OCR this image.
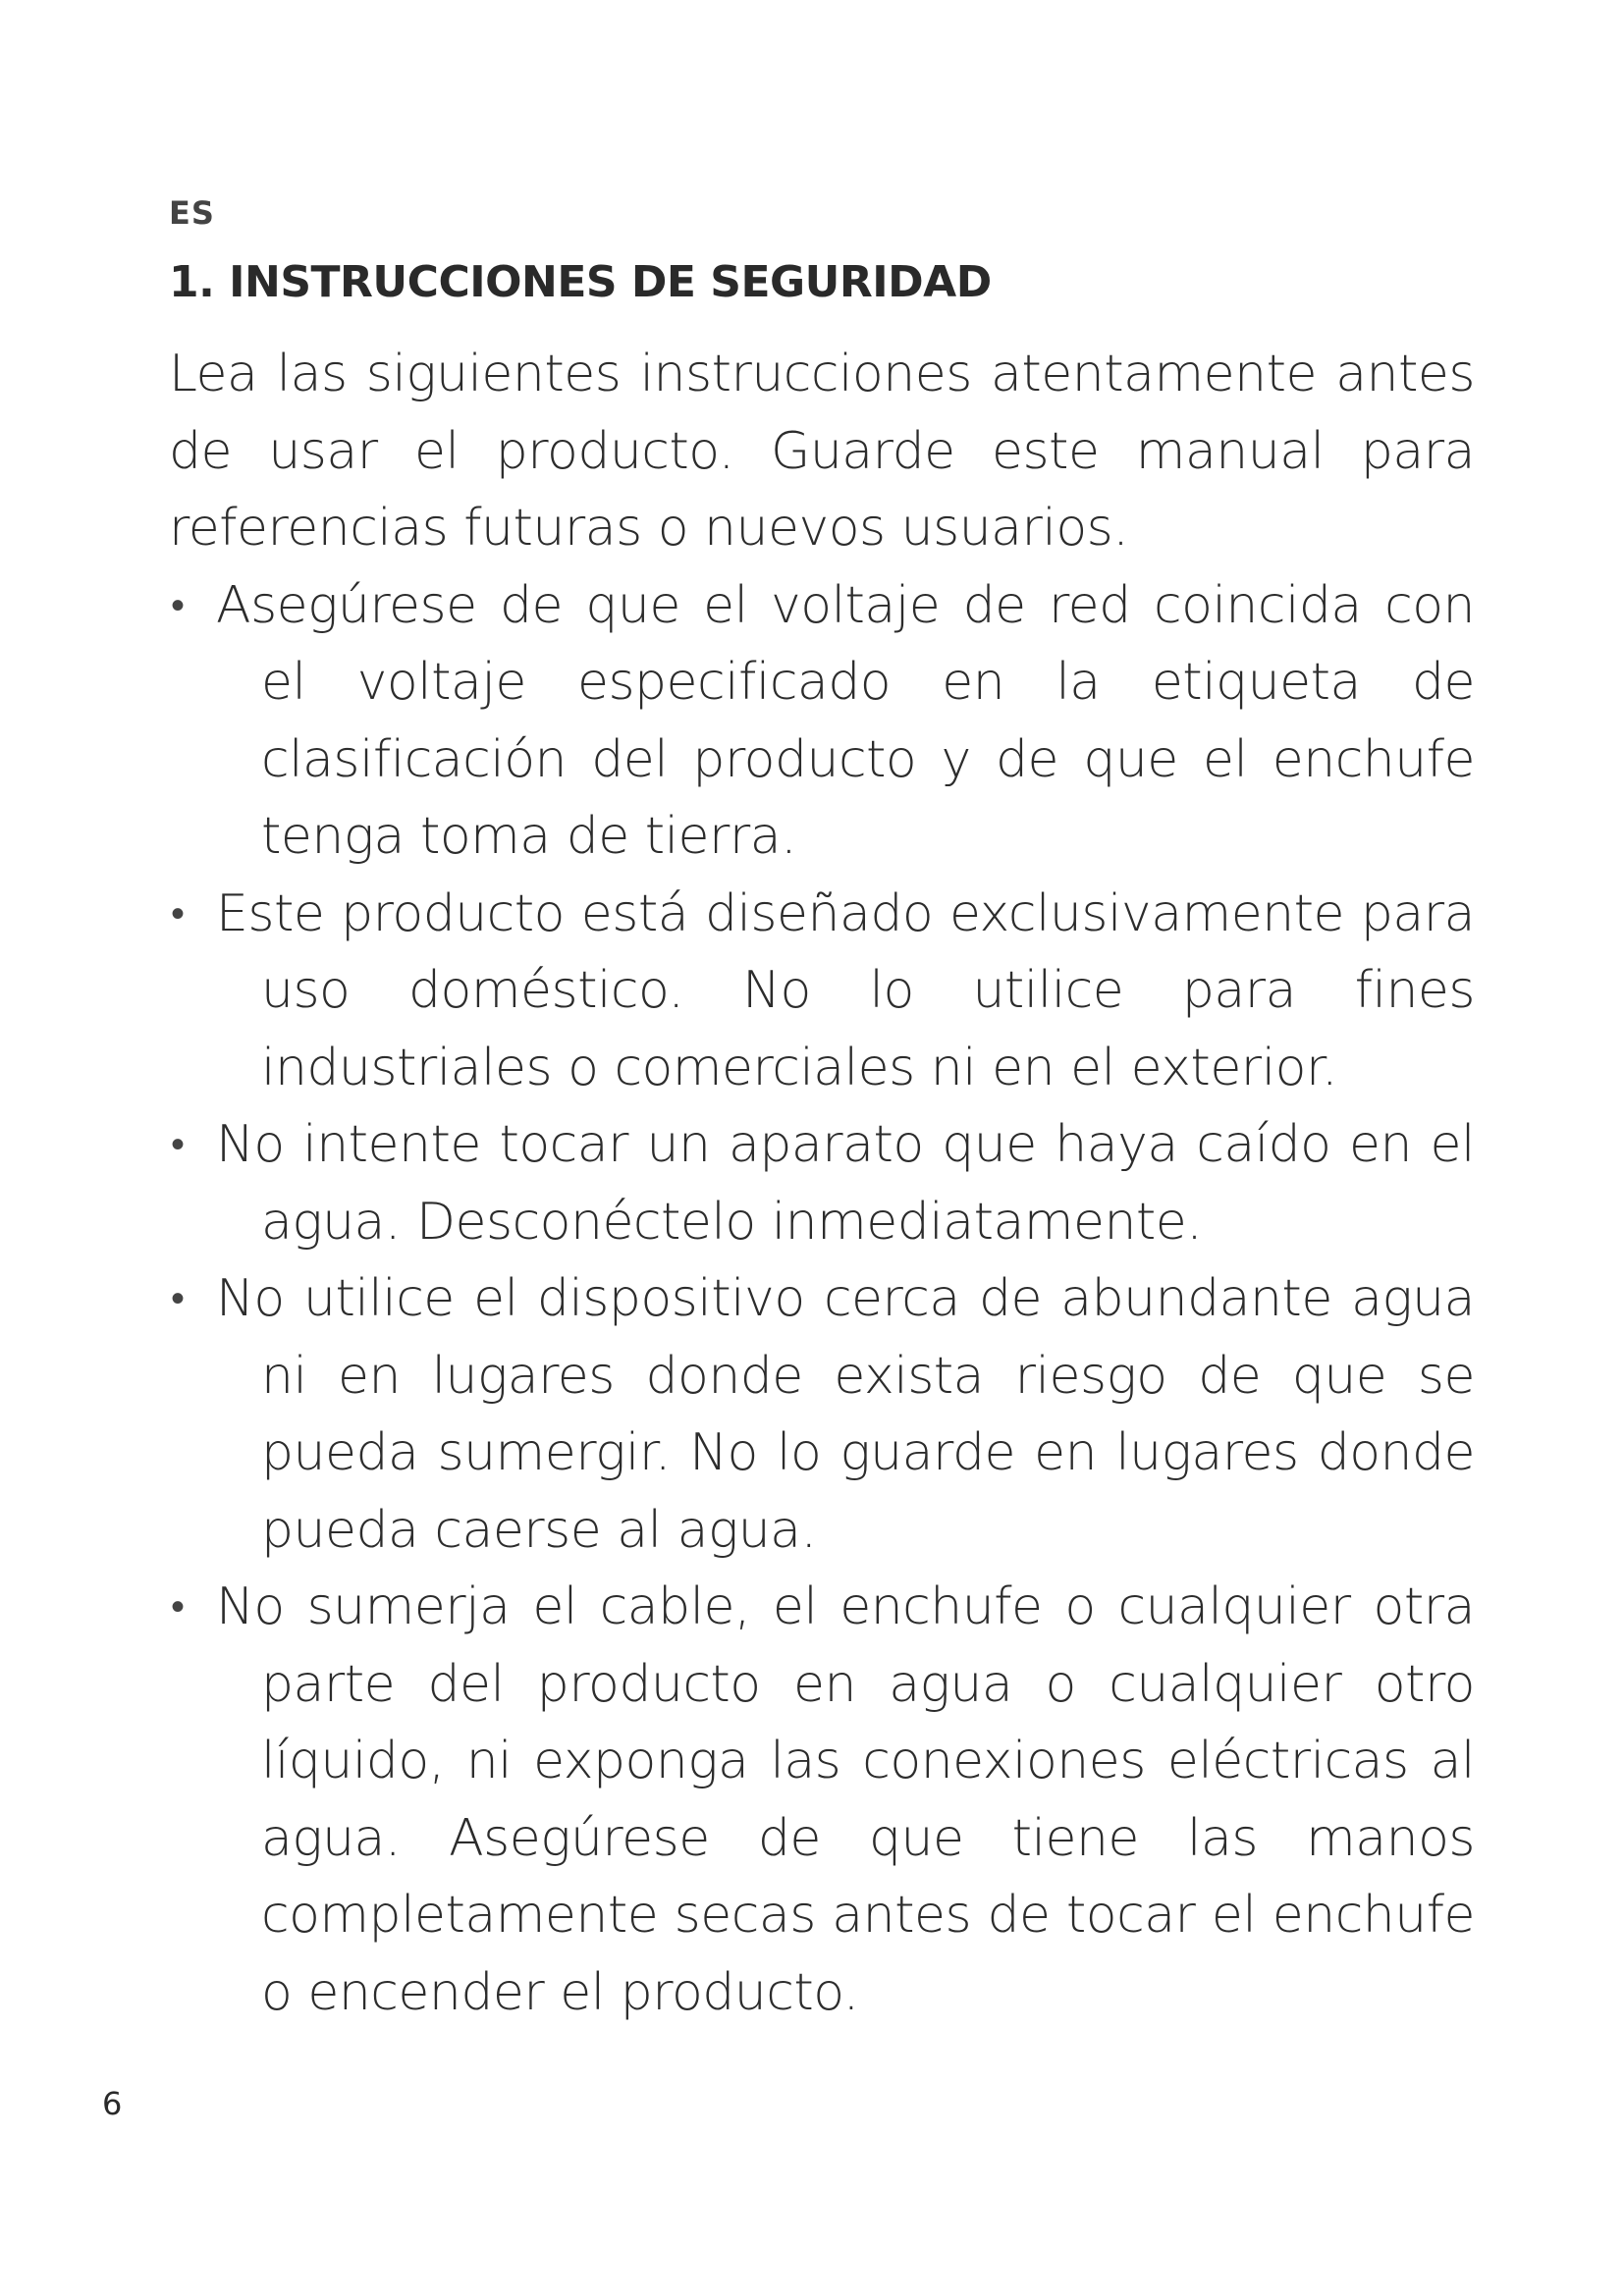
ES
1. INSTRUCCIONES DE SEGURIDAD

Lea las siguientes instrucciones atentamente antes de usar el producto. Guarde este manual para referencias futuras o nuevos usuarios.

• Asegúrese de que el voltaje de red coincida con el voltaje especificado en la etiqueta de clasificación del producto y de que el enchufe tenga toma de tierra.
• Este producto está diseñado exclusivamente para uso doméstico. No lo utilice para fines industriales o comerciales ni en el exterior.
• No intente tocar un aparato que haya caído en el agua. Desconéctelo inmediatamente.
• No utilice el dispositivo cerca de abundante agua ni en lugares donde exista riesgo de que se pueda sumergir. No lo guarde en lugares donde pueda caerse al agua.
• No sumerja el cable, el enchufe o cualquier otra parte del producto en agua o cualquier otro líquido, ni exponga las conexiones eléctricas al agua. Asegúrese de que tiene las manos completamente secas antes de tocar el enchufe o encender el producto.
6
